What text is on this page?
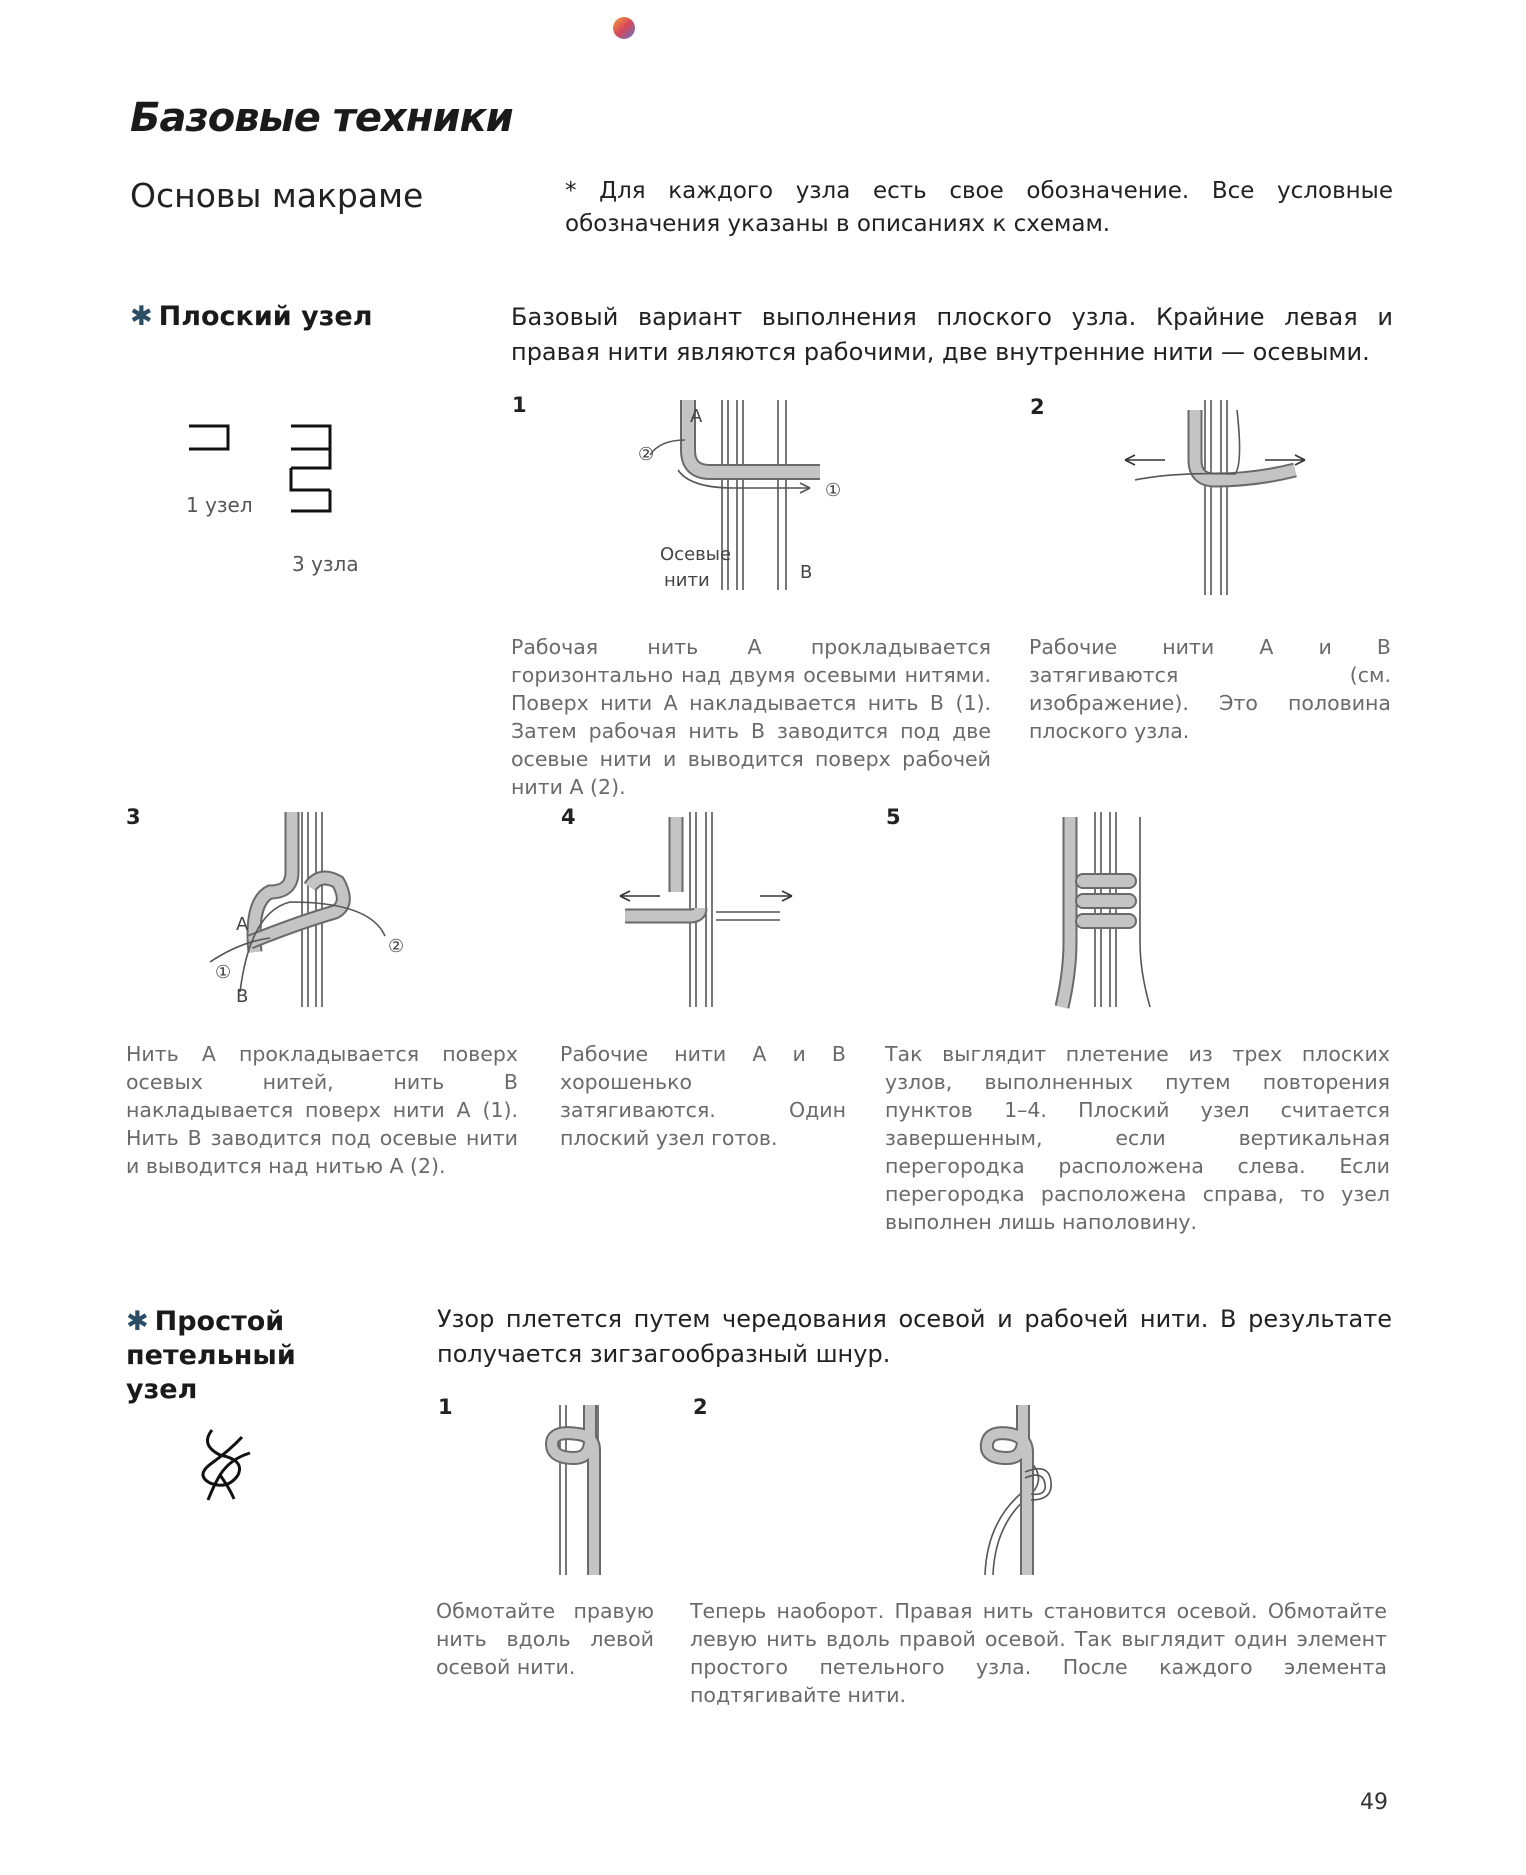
Базовые техники
Основы макраме	* Для каждого узла есть свое обозначение. Все условные обозначения указаны в описаниях к схемам.
✱ Плоский узел	Базовый вариант выполнения плоского узла. Крайние левая и правая нити являются рабочими, две внутренние нити — осевыми.
1 узел
3 узла
1	А
②
①
Осевые
нити	В
Рабочая нить А прокладывается горизонтально над двумя осевыми нитями. Поверх нити А накладывается нить В (1). Затем рабочая нить В заводится под две осевые нити и выводится поверх рабочей нити А (2).
2
Рабочие нити А и В затягиваются (см. изображение). Это половина плоского узла.
3
А
①
В
②
Нить А прокладывается поверх осевых нитей, нить В накладывается поверх нити А (1). Нить В заводится под осевые нити и выводится над нитью А (2).
4
Рабочие нити А и В хорошенько затягиваются. Один плоский узел готов.
5
Так выглядит плетение из трех плоских узлов, выполненных путем повторения пунктов 1–4. Плоский узел считается завершенным, если вертикальная перегородка расположена слева. Если перегородка расположена справа, то узел выполнен лишь наполовину.
✱ Простой петельный узел
Узор плетется путем чередования осевой и рабочей нити. В результате получается зигзагообразный шнур.
1
Обмотайте правую нить вдоль левой осевой нити.
2
Теперь наоборот. Правая нить становится осевой. Обмотайте левую нить вдоль правой осевой. Так выглядит один элемент простого петельного узла. После каждого элемента подтягивайте нити.
49
